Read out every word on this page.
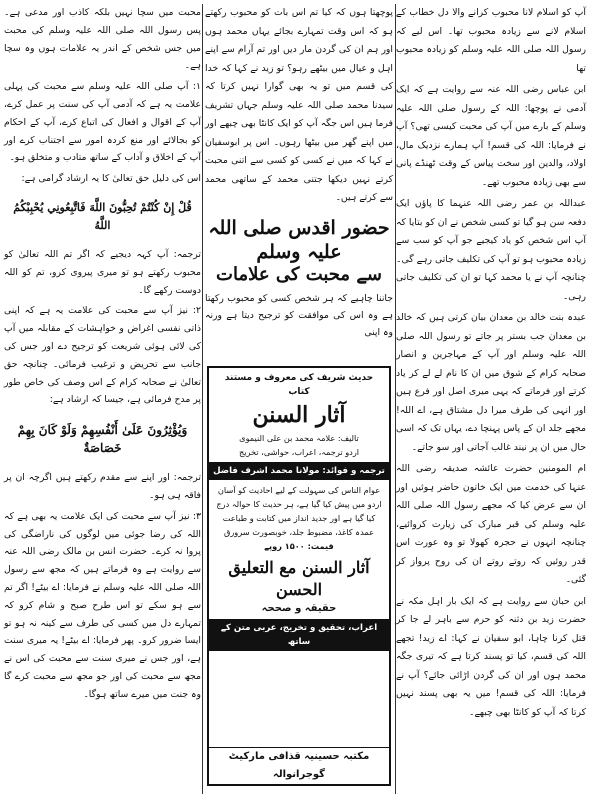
آپ کو اسلام لانا محبوب کرانے والا دل خطاب کے اسلام لانے سے زیادہ محبوب تھا۔ اس لیے کہ رسول اللہ صلی اللہ علیہ وسلم کو زیادہ محبوب تھا

ابن عباس رضی اللہ عنہ سے روایت ہے کہ ایک آدمی نے پوچھا: اللہ کے رسول صلی اللہ علیہ وسلم کے بارے میں آپ کی محبت کیسی تھی؟ آپ نے فرمایا: اللہ کی قسم! آپ ہمارے نزدیک مال، اولاد، والدین اور سخت پیاس کے وقت ٹھنڈے پانی سے بھی زیادہ محبوب تھے۔

عبداللہ بن عمر رضی اللہ عنہما کا پاؤں ایک دفعہ سن ہو گیا تو کسی شخص نے ان کو بتایا کہ آپ اس شخص کو یاد کیجیے جو آپ کو سب سے زیادہ محبوب ہو تو آپ کی تکلیف جاتی رہے گی۔ چنانچہ آپ نے یا محمد کہا تو ان کی تکلیف جاتی رہی۔

عبدہ بنت خالد بن معدان بیان کرتی ہیں کہ خالد بن معدان جب بستر پر جاتے تو رسول اللہ صلی اللہ علیہ وسلم اور آپ کے مہاجرین و انصار صحابہ کرام کے شوق میں ان کا نام لے لے کر یاد کرتے اور فرماتے کہ یہی میری اصل اور فرع ہیں اور انہی کی طرف میرا دل مشتاق ہے، اے اللہ! مجھے جلد ان کے پاس پہنچا دے، یہاں تک کہ اسی حال میں ان پر نیند غالب آجاتی اور سو جاتے۔

ام المومنین حضرت عائشہ صدیقہ رضی اللہ عنہا کی خدمت میں ایک خاتون حاضر ہوئیں اور ان سے عرض کیا کہ مجھے رسول اللہ صلی اللہ علیہ وسلم کی قبر مبارک کی زیارت کروائیے، چنانچہ انہوں نے حجرہ کھولا تو وہ عورت اس قدر روئیں کہ روتے روتے ان کی روح پرواز کر گئی۔

ابن حبان سے روایت ہے کہ ایک بار اہل مکہ نے حضرت زید بن دثنہ کو حرم سے باہر لے جا کر قتل کرنا چاہا، ابو سفیان نے کہا: اے زید! تجھے اللہ کی قسم، کیا تو پسند کرتا ہے کہ تیری جگہ محمد ہوں اور ان کی گردن اڑائی جائے؟ آپ نے فرمایا: اللہ کی قسم! میں یہ بھی پسند نہیں کرتا کہ آپ کو کانٹا بھی چبھے۔

پوچھتا ہوں کہ کیا تم اس بات کو محبوب رکھتے ہو کہ اس وقت تمہارے بجائے یہاں محمد ہوں اور ہم ان کی گردن مار دیں اور تم آرام سے اپنے اہل و عیال میں بیٹھے رہو؟ تو زید نے کہا کہ خدا کی قسم میں تو یہ بھی گوارا نہیں کرتا کہ سیدنا محمد صلی اللہ علیہ وسلم جہاں تشریف فرما ہیں اس جگہ آپ کو ایک کانٹا بھی چبھے اور میں اپنے گھر میں بیٹھا رہوں۔ اس پر ابوسفیان نے کہا کہ میں نے کسی کو کسی سے اتنی محبت کرتے نہیں دیکھا جتنی محمد کے ساتھی محمد سے کرتے ہیں۔

حضور اقدس صلی اللہ علیہ وسلم

سے محبت کی علامات

جاننا چاہیے کہ ہر شخص کسی کو محبوب رکھتا ہے وہ اس کی موافقت کو ترجیح دیتا ہے ورنہ وہ اپنی

حدیث شریف کی معروف و مستند کتاب
آثار السنن
تالیف: علامہ محمد بن علی النیموی
اردو ترجمہ، اعراب، حواشی، تخریج
ترجمہ و فوائد: مولانا محمد اشرف فاضل
عوام الناس کی سہولت کے لیے احادیث کو آسان اردو میں پیش کیا گیا ہے، ہر حدیث کا حوالہ درج کیا گیا ہے اور جدید انداز میں کتابت و طباعت
عمدہ کاغذ، مضبوط جلد، خوبصورت سرورق
قیمت: ۱۵۰۰ روپے
آثار السنن مع التعلیق الحسن
حقیقہ و صححہ
اعراب، تحقیق و تخریج، عربی متن کے ساتھ
مکتبہ حسینیہ قذافی مارکیٹ گوجرانوالہ

محبت میں سچا نہیں بلکہ کاذب اور مدعی ہے۔ پس رسول اللہ صلی اللہ علیہ وسلم کی محبت میں جس شخص کے اندر یہ علامات ہوں وہ سچا ہے۔

۱: آپ صلی اللہ علیہ وسلم سے محبت کی پہلی علامت یہ ہے کہ آدمی آپ کی سنت پر عمل کرے، آپ کے اقوال و افعال کی اتباع کرے، آپ کے احکام کو بجالائے اور منع کردہ امور سے اجتناب کرے اور آپ کے اخلاق و آداب کے ساتھ متادب و متخلق ہو۔

اس کی دلیل حق تعالیٰ کا یہ ارشاد گرامی ہے:

قُلْ إِنْ كُنْتُمْ تُحِبُّونَ اللَّهَ فَاتَّبِعُونِي يُحْبِبْكُمُ اللَّهُ

ترجمہ: آپ کہہ دیجیے کہ اگر تم اللہ تعالیٰ کو محبوب رکھتے ہو تو میری پیروی کرو، تم کو اللہ دوست رکھے گا۔

۲: نیز آپ سے محبت کی علامت یہ ہے کہ اپنی ذاتی نفسی اغراض و خواہشات کے مقابلہ میں آپ کی لائی ہوئی شریعت کو ترجیح دے اور جس کی جانب سے تحریض و ترغیب فرمائی۔ چنانچہ حق تعالیٰ نے صحابہ کرام کے اس وصف کی خاص طور پر مدح فرمائی ہے، جیسا کہ ارشاد ہے:

وَيُؤْثِرُونَ عَلَىٰ أَنْفُسِهِمْ وَلَوْ كَانَ بِهِمْ خَصَاصَةٌ

ترجمہ: اور اپنے سے مقدم رکھتے ہیں اگرچہ ان پر فاقہ ہی ہو۔

۳: نیز آپ سے محبت کی ایک علامت یہ بھی ہے کہ اللہ کی رضا جوئی میں لوگوں کی ناراضگی کی پروا نہ کرے۔ حضرت انس بن مالک رضی اللہ عنہ سے روایت ہے وہ فرماتے ہیں کہ مجھ سے رسول اللہ صلی اللہ علیہ وسلم نے فرمایا: اے بیٹے! اگر تم سے ہو سکے تو اس طرح صبح و شام کرو کہ تمہارے دل میں کسی کی طرف سے کینہ نہ ہو تو ایسا ضرور کرو۔ پھر فرمایا: اے بیٹے! یہ میری سنت ہے، اور جس نے میری سنت سے محبت کی اس نے مجھ سے محبت کی اور جو مجھ سے محبت کرے گا وہ جنت میں میرے ساتھ ہوگا۔
